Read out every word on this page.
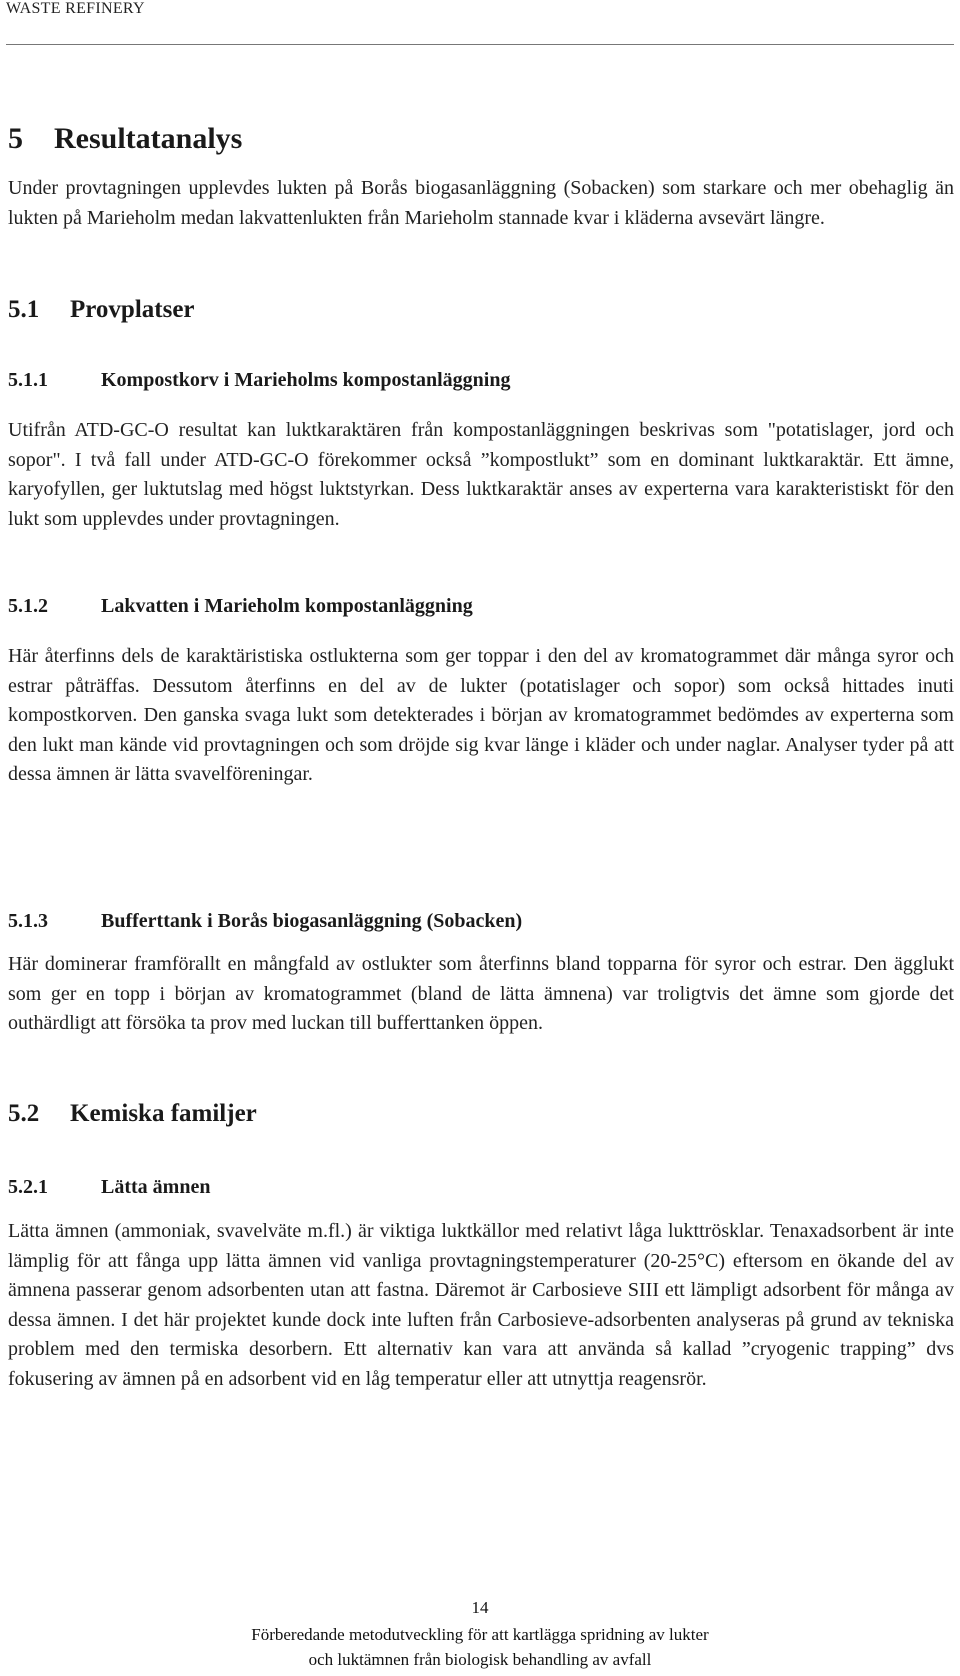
WASTE REFINERY
5 Resultatanalys

Under provtagningen upplevdes lukten på Borås biogasanläggning (Sobacken) som starkare och mer obehaglig än lukten på Marieholm medan lakvattenlukten från Marieholm stannade kvar i kläderna avsevärt längre.

5.1 Provplatser
5.1.1	Kompostkorv i Marieholms kompostanläggning

Utifrån ATD-GC-O resultat kan luktkaraktären från kompostanläggningen beskrivas som "potatislager, jord och sopor". I två fall under ATD-GC-O förekommer också ”kompostlukt” som en dominant luktkaraktär. Ett ämne, karyofyllen, ger luktutslag med högst luktstyrkan. Dess luktkaraktär anses av experterna vara karakteristiskt för den lukt som upplevdes under provtagningen.

5.1.2	Lakvatten i Marieholm kompostanläggning

Här återfinns dels de karaktäristiska ostlukterna som ger toppar i den del av kromatogrammet där många syror och estrar påträffas. Dessutom återfinns en del av de lukter (potatislager och sopor) som också hittades inuti kompostkorven. Den ganska svaga lukt som detekterades i början av kromatogrammet bedömdes av experterna som den lukt man kände vid provtagningen och som dröjde sig kvar länge i kläder och under naglar. Analyser tyder på att dessa ämnen är lätta svavelföreningar.

5.1.3	Bufferttank i Borås biogasanläggning (Sobacken)

Här dominerar framförallt en mångfald av ostlukter som återfinns bland topparna för syror och estrar. Den ägglukt som ger en topp i början av kromatogrammet (bland de lätta ämnena) var troligtvis det ämne som gjorde det outhärdligt att försöka ta prov med luckan till bufferttanken öppen.

5.2 Kemiska familjer
5.2.1	Lätta ämnen

Lätta ämnen (ammoniak, svavelväte m.fl.) är viktiga luktkällor med relativt låga lukttrösklar. Tenaxadsorbent är inte lämplig för att fånga upp lätta ämnen vid vanliga provtagningstemperaturer (20-25°C) eftersom en ökande del av ämnena passerar genom adsorbenten utan att fastna. Däremot är Carbosieve SIII ett lämpligt adsorbent för många av dessa ämnen. I det här projektet kunde dock inte luften från Carbosieve-adsorbenten analyseras på grund av tekniska problem med den termiska desorbern. Ett alternativ kan vara att använda så kallad ”cryogenic trapping” dvs fokusering av ämnen på en adsorbent vid en låg temperatur eller att utnyttja reagensrör.

14
Förberedande metodutveckling för att kartlägga spridning av lukter
och luktämnen från biologisk behandling av avfall
